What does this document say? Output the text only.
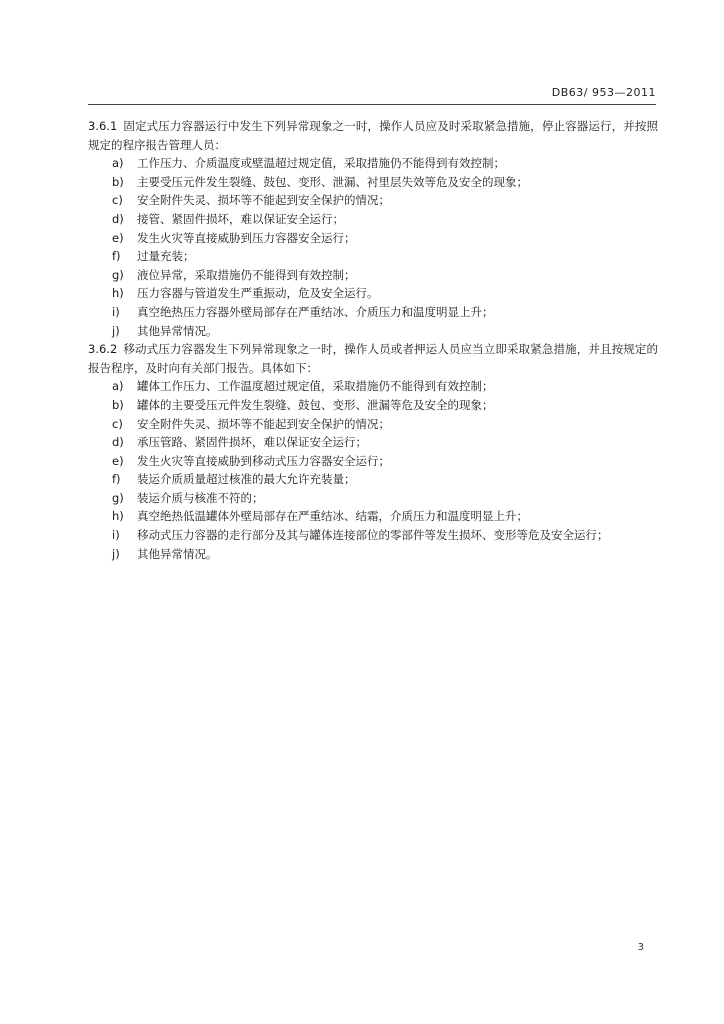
DB63/ 953—2011

3.6.1 固定式压力容器运行中发生下列异常现象之一时，操作人员应及时采取紧急措施，停止容器运行，并按照规定的程序报告管理人员：

a) 工作压力、介质温度或壁温超过规定值，采取措施仍不能得到有效控制；
b) 主要受压元件发生裂缝、鼓包、变形、泄漏、衬里层失效等危及安全的现象；
c) 安全附件失灵、损坏等不能起到安全保护的情况；
d) 接管、紧固件损坏，难以保证安全运行；
e) 发生火灾等直接威胁到压力容器安全运行；
f) 过量充装；
g) 液位异常，采取措施仍不能得到有效控制；
h) 压力容器与管道发生严重振动，危及安全运行。
i) 真空绝热压力容器外壁局部存在严重结冰、介质压力和温度明显上升；
j) 其他异常情况。

3.6.2 移动式压力容器发生下列异常现象之一时，操作人员或者押运人员应当立即采取紧急措施，并且按规定的报告程序，及时向有关部门报告。具体如下：

a) 罐体工作压力、工作温度超过规定值，采取措施仍不能得到有效控制；
b) 罐体的主要受压元件发生裂缝、鼓包、变形、泄漏等危及安全的现象；
c) 安全附件失灵、损坏等不能起到安全保护的情况；
d) 承压管路、紧固件损坏，难以保证安全运行；
e) 发生火灾等直接威胁到移动式压力容器安全运行；
f) 装运介质质量超过核准的最大允许充装量；
g) 装运介质与核准不符的；
h) 真空绝热低温罐体外壁局部存在严重结冰、结霜，介质压力和温度明显上升；
i) 移动式压力容器的走行部分及其与罐体连接部位的零部件等发生损坏、变形等危及安全运行；
j) 其他异常情况。
3
